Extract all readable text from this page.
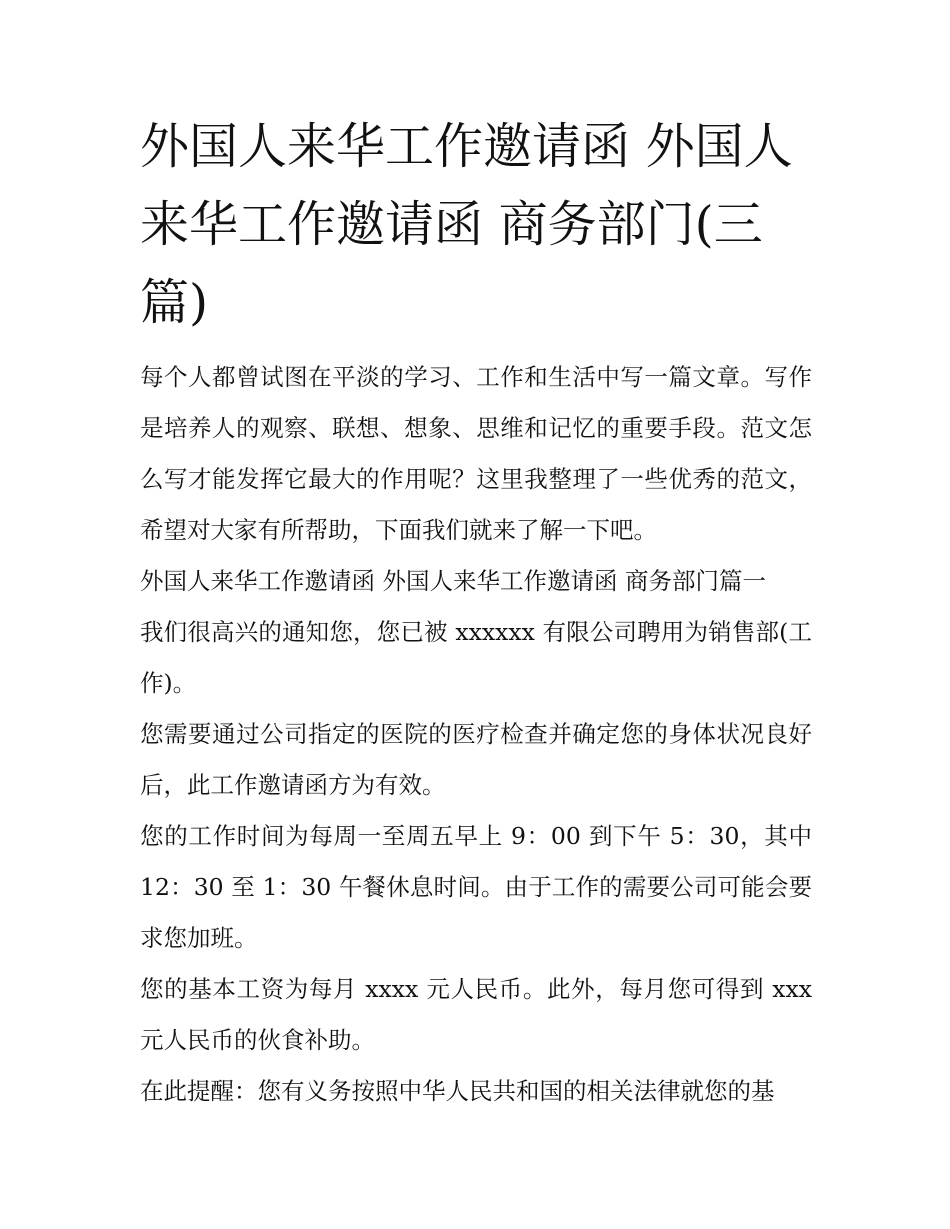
外国人来华工作邀请函 外国人来华工作邀请函 商务部门(三篇)

每个人都曾试图在平淡的学习、工作和生活中写一篇文章。写作是培养人的观察、联想、想象、思维和记忆的重要手段。范文怎么写才能发挥它最大的作用呢？这里我整理了一些优秀的范文，希望对大家有所帮助，下面我们就来了解一下吧。

外国人来华工作邀请函 外国人来华工作邀请函 商务部门篇一

我们很高兴的通知您，您已被 xxxxxx 有限公司聘用为销售部(工作)。

您需要通过公司指定的医院的医疗检查并确定您的身体状况良好后，此工作邀请函方为有效。

您的工作时间为每周一至周五早上 9：00 到下午 5：30，其中 12：30 至 1：30 午餐休息时间。由于工作的需要公司可能会要求您加班。

您的基本工资为每月 xxxx 元人民币。此外，每月您可得到 xxx 元人民币的伙食补助。

在此提醒：您有义务按照中华人民共和国的相关法律就您的基
